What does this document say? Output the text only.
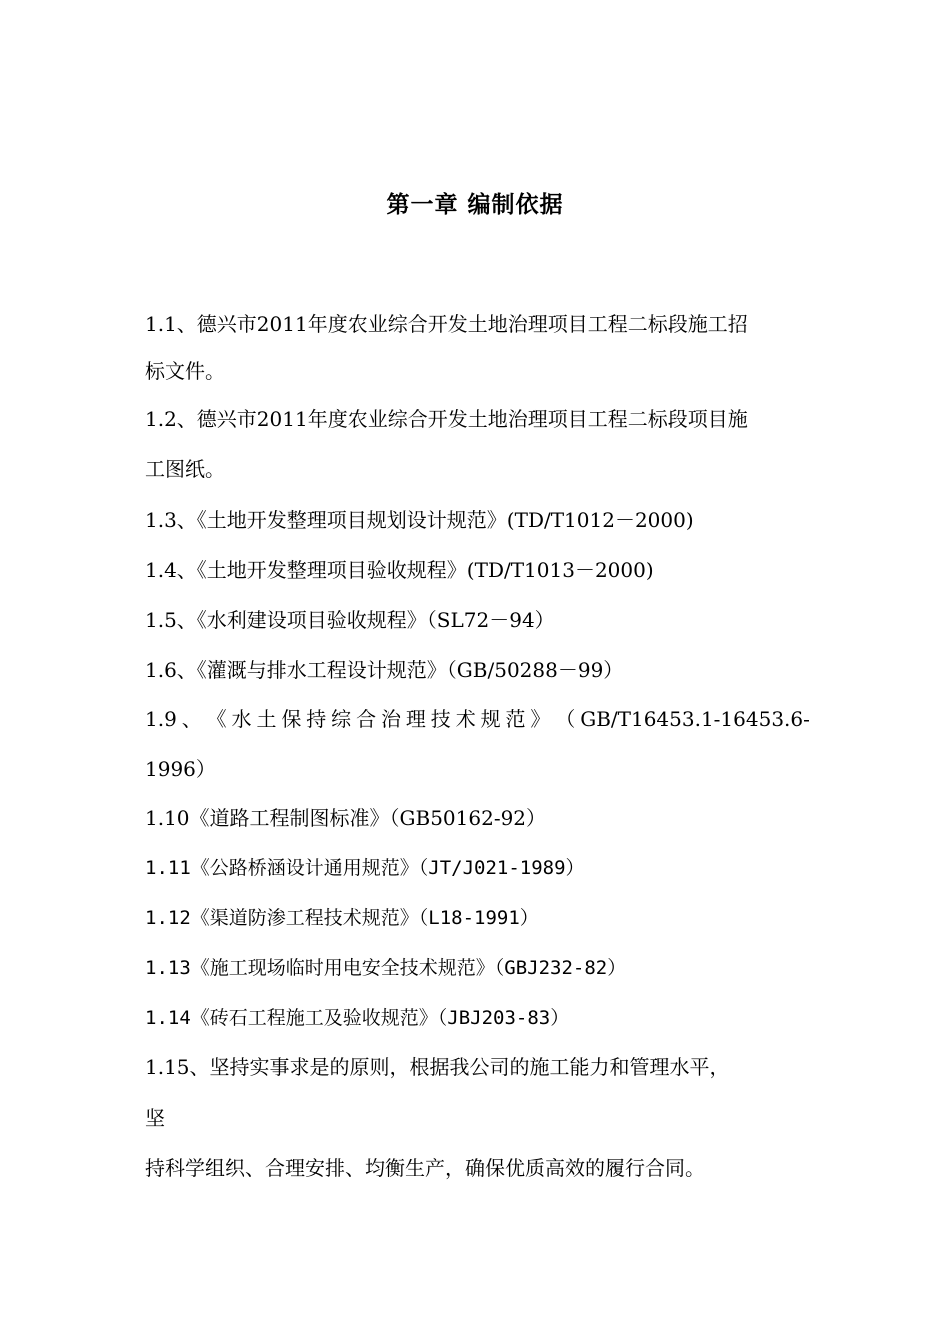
第一章 编制依据
1.1、德兴市2011年度农业综合开发土地治理项目工程二标段施工招
标文件。
1.2、德兴市2011年度农业综合开发土地治理项目工程二标段项目施
工图纸。
1.3、《土地开发整理项目规划设计规范》(TD/T1012－2000)
1.4、《土地开发整理项目验收规程》(TD/T1013－2000)
1.5、《水利建设项目验收规程》（SL72－94）
1.6、《灌溉与排水工程设计规范》（GB/50288－99）
1.9 、 《 水 土 保 持 综 合 治 理 技 术 规 范 》 （ GB/T16453.1-16453.6-
1996）
1.10《道路工程制图标准》（GB50162-92）
1.11《公路桥涵设计通用规范》（JT/J021-1989）
1.12《渠道防渗工程技术规范》（L18-1991）
1.13《施工现场临时用电安全技术规范》（GBJ232-82）
1.14《砖石工程施工及验收规范》（JBJ203-83）
1.15、坚持实事求是的原则，根据我公司的施工能力和管理水平，
坚
持科学组织、合理安排、均衡生产，确保优质高效的履行合同。
